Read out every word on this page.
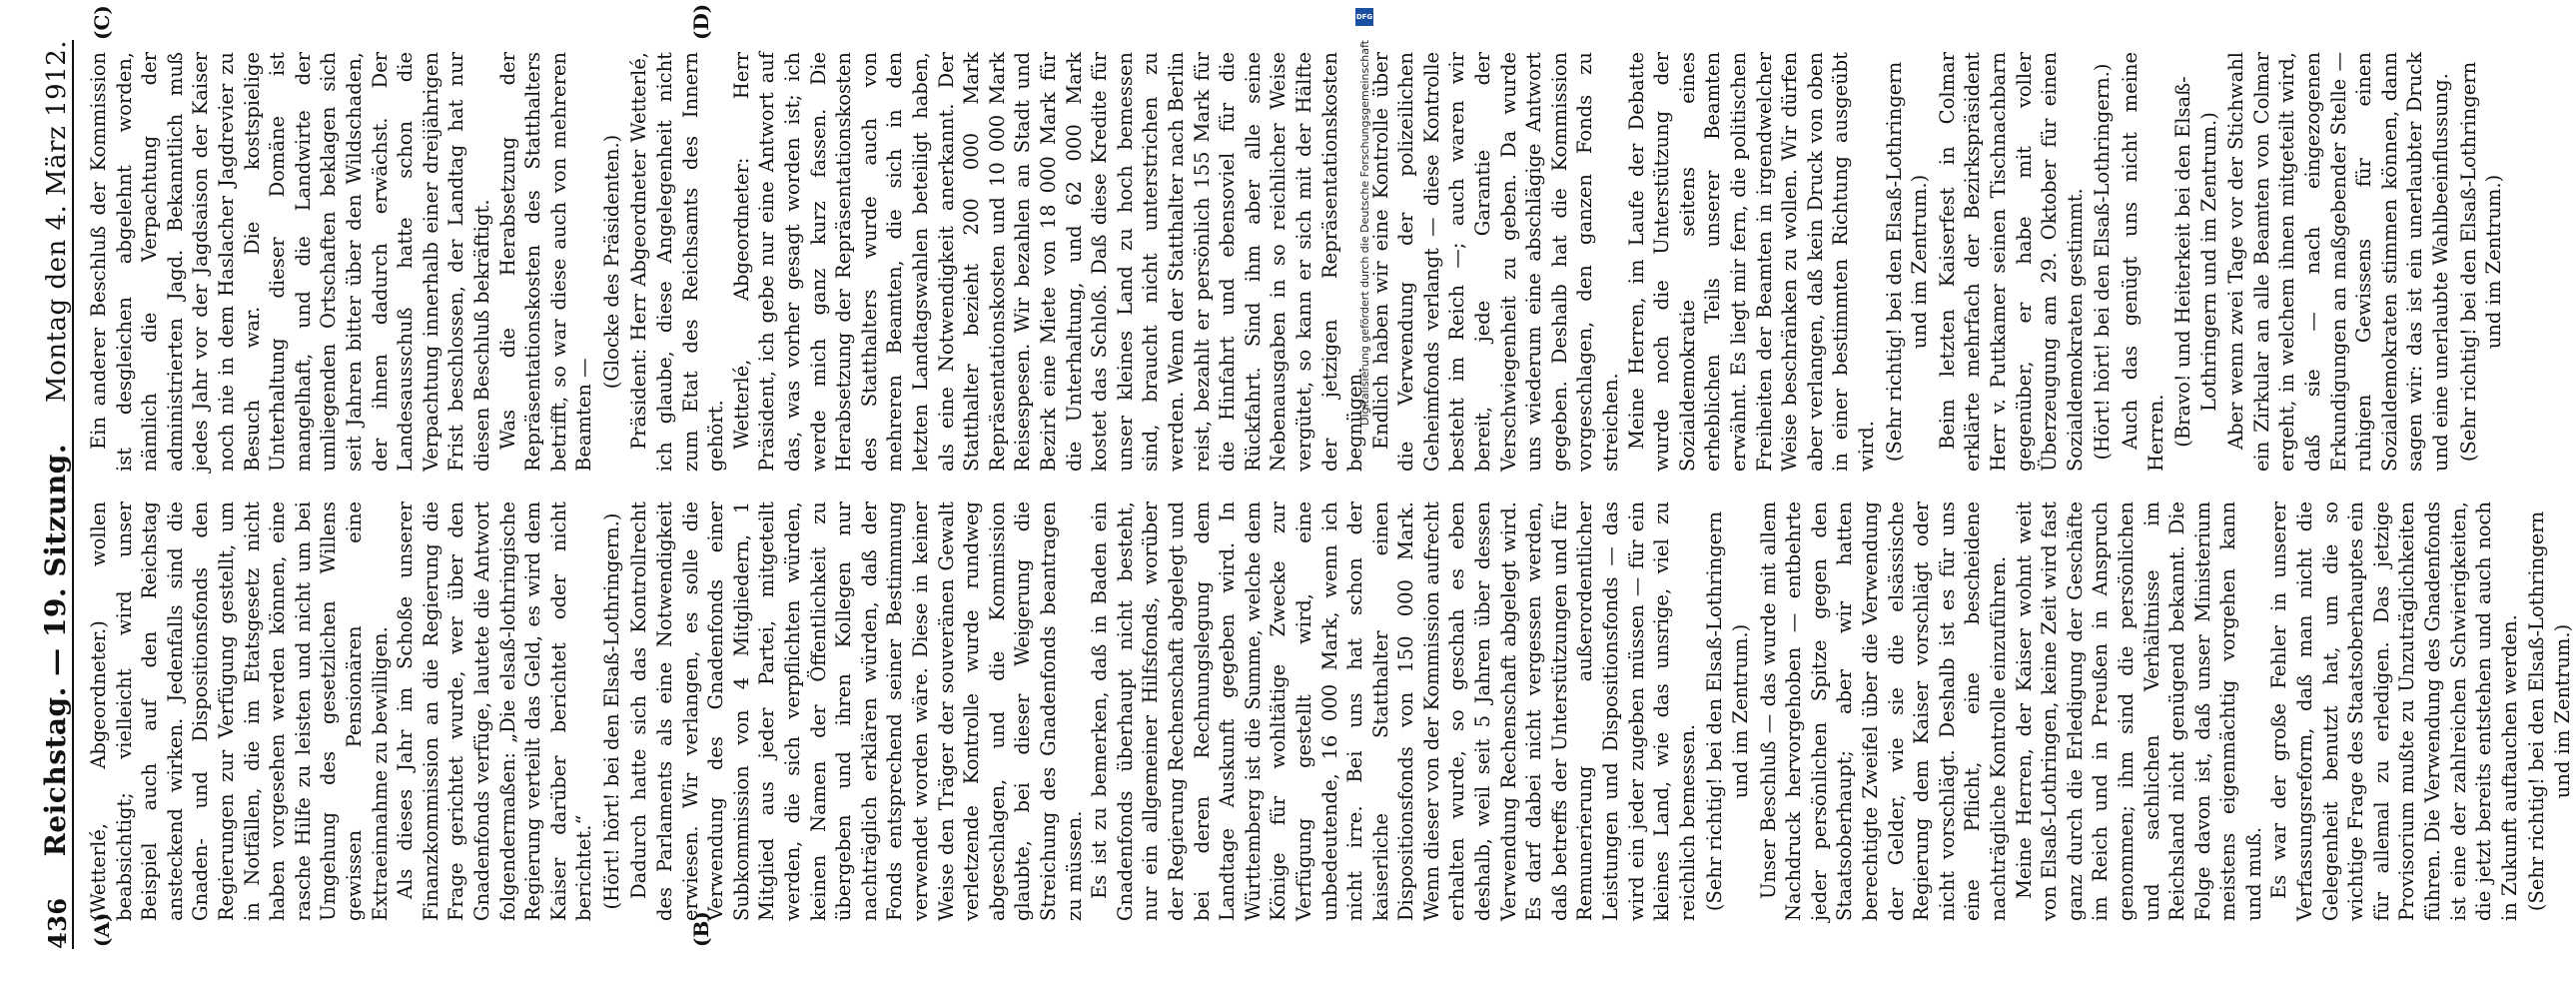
436
Reichstag. — 19. Sitzung.
Montag den 4. März 1912.
(A)	(B)
(C)	(D)

(Wetterlé, Abgeordneter.) wollen beabsichtigt; vielleicht wird unser Beispiel auch auf den Reichstag ansteckend wirken. Jedenfalls sind die Gnaden- und Dispositionsfonds den Regierungen zur Verfügung gestellt, um in Notfällen, die im Etatsgesetz nicht haben vorgesehen werden können, eine rasche Hilfe zu leisten und nicht um bei Umgehung des gesetzlichen Willens gewissen Pensionären eine Extraeinnahme zu bewilligen. Als dieses Jahr im Schoße unserer Finanzkommission an die Regierung die Frage gerichtet wurde, wer über den Gnadenfonds verfüge, lautete die Antwort folgendermaßen: „Die elsaß-lothringische Regierung verteilt das Geld, es wird dem Kaiser darüber berichtet oder nicht berichtet.“ (Hört! hört! bei den Elsaß-Lothringern.) Dadurch hatte sich das Kontrollrecht des Parlaments als eine Notwendigkeit erwiesen. Wir verlangen, es solle die Verwendung des Gnadenfonds einer Subkommission von 4 Mitgliedern, 1 Mitglied aus jeder Partei, mitgeteilt werden, die sich verpflichten würden, keinen Namen der Öffentlichkeit zu übergeben und ihren Kollegen nur nachträglich erklären würden, daß der Fonds entsprechend seiner Bestimmung verwendet worden wäre. Diese in keiner Weise den Träger der souveränen Gewalt verletzende Kontrolle wurde rundweg abgeschlagen, und die Kommission glaubte, bei dieser Weigerung die Streichung des Gnadenfonds beantragen zu müssen. Es ist zu bemerken, daß in Baden ein Gnadenfonds überhaupt nicht besteht, nur ein allgemeiner Hilfsfonds, worüber der Regierung Rechenschaft abgelegt und bei deren Rechnungslegung dem Landtage Auskunft gegeben wird. In Württemberg ist die Summe, welche dem Könige für wohltätige Zwecke zur Verfügung gestellt wird, eine unbedeutende, 16 000 Mark, wenn ich nicht irre. Bei uns hat schon der kaiserliche Statthalter einen Dispositionsfonds von 150 000 Mark. Wenn dieser von der Kommission aufrecht erhalten wurde, so geschah es eben deshalb, weil seit 5 Jahren über dessen Verwendung Rechenschaft abgelegt wird. Es darf dabei nicht vergessen werden, daß betreffs der Unterstützungen und für Remunerierung außerordentlicher Leistungen und Dispositionsfonds — das wird ein jeder zugeben müssen — für ein kleines Land, wie das unsrige, viel zu reichlich bemessen. (Sehr richtig! bei den Elsaß-Lothringern und im Zentrum.) Unser Beschluß — das wurde mit allem Nachdruck hervorgehoben — entbehrte jeder persönlichen Spitze gegen den Staatsoberhaupt; aber wir hatten berechtigte Zweifel über die Verwendung der Gelder, wie sie die elsässische Regierung dem Kaiser vorschlägt oder nicht vorschlägt. Deshalb ist es für uns eine Pflicht, eine bescheidene nachträgliche Kontrolle einzuführen. Meine Herren, der Kaiser wohnt weit von Elsaß-Lothringen, keine Zeit wird fast ganz durch die Erledigung der Geschäfte im Reich und in Preußen in Anspruch genommen; ihm sind die persönlichen und sachlichen Verhältnisse im Reichsland nicht genügend bekannt. Die Folge davon ist, daß unser Ministerium meistens eigenmächtig vorgehen kann und muß. Es war der große Fehler in unserer Verfassungsreform, daß man nicht die Gelegenheit benutzt hat, um die so wichtige Frage des Staatsoberhauptes ein für allemal zu erledigen. Das jetzige Provisorium mußte zu Unzuträglichkeiten führen. Die Verwendung des Gnadenfonds ist eine der zahlreichen Schwierigkeiten, die jetzt bereits entstehen und auch noch in Zukunft auftauchen werden. (Sehr richtig! bei den Elsaß-Lothringern und im Zentrum.)

Ein anderer Beschluß der Kommission ist desgleichen abgelehnt worden, nämlich die Verpachtung der administrierten Jagd. Bekanntlich muß jedes Jahr vor der Jagdsaison der Kaiser noch nie in dem Haslacher Jagdrevier zu Besuch war. Die kostspielige Unterhaltung dieser Domäne ist mangelhaft, und die Landwirte der umliegenden Ortschaften beklagen sich seit Jahren bitter über den Wildschaden, der ihnen dadurch erwächst. Der Landesausschuß hatte schon die Verpachtung innerhalb einer dreijährigen Frist beschlossen, der Landtag hat nur diesen Beschluß bekräftigt. Was die Herabsetzung der Repräsentationskosten des Statthalters betrifft, so war diese auch von mehreren Beamten —

(Glocke des Präsidenten.) Präsident: Herr Abgeordneter Wetterlé, ich glaube, diese Angelegenheit nicht zum Etat des Reichsamts des Innern gehört. Wetterlé, Abgeordneter: Herr Präsident, ich gebe nur eine Antwort auf das, was vorher gesagt worden ist; ich werde mich ganz kurz fassen. Die Herabsetzung der Repräsentationskosten des Statthalters wurde auch von mehreren Beamten, die sich in den letzten Landtagswahlen beteiligt haben, als eine Notwendigkeit anerkannt. Der Statthalter bezieht 200 000 Mark Repräsentationskosten und 10 000 Mark Reisespesen. Wir bezahlen an Stadt und Bezirk eine Miete von 18 000 Mark für die Unterhaltung, und 62 000 Mark kostet das Schloß. Daß diese Kredite für unser kleines Land zu hoch bemessen sind, braucht nicht unterstrichen zu werden. Wenn der Statthalter nach Berlin reist, bezahlt er persönlich 155 Mark für die Hinfahrt und ebensoviel für die Rückfahrt. Sind ihm aber alle seine Nebenausgaben in so reichlicher Weise vergütet, so kann er sich mit der Hälfte der jetzigen Repräsentationskosten begnügen. Endlich haben wir eine Kontrolle über die Verwendung der polizeilichen Geheimfonds verlangt — diese Kontrolle besteht im Reich —; auch waren wir bereit, jede Garantie der Verschwiegenheit zu geben. Da wurde uns wiederum eine abschlägige Antwort gegeben. Deshalb hat die Kommission vorgeschlagen, den ganzen Fonds zu streichen. Meine Herren, im Laufe der Debatte wurde noch die Unterstützung der Sozialdemokratie seitens eines erheblichen Teils unserer Beamten erwähnt. Es liegt mir fern, die politischen Freiheiten der Beamten in irgendwelcher Weise beschränken zu wollen. Wir dürfen aber verlangen, daß kein Druck von oben in einer bestimmten Richtung ausgeübt wird. (Sehr richtig! bei den Elsaß-Lothringern und im Zentrum.) Beim letzten Kaiserfest in Colmar erklärte mehrfach der Bezirkspräsident Herr v. Puttkamer seinen Tischnachbarn gegenüber, er habe mit voller Überzeugung am 29. Oktober für einen Sozialdemokraten gestimmt. (Hört! hört! bei den Elsaß-Lothringern.) Auch das genügt uns nicht meine Herren. (Bravo! und Heiterkeit bei den Elsaß-Lothringern und im Zentrum.) Aber wenn zwei Tage vor der Stichwahl ein Zirkular an alle Beamten von Colmar ergeht, in welchem ihnen mitgeteilt wird, daß sie — nach eingezogenen Erkundigungen an maßgebender Stelle — ruhigen Gewissens für einen Sozialdemokraten stimmen können, dann sagen wir: das ist ein unerlaubter Druck und eine unerlaubte Wahlbeeinflussung. (Sehr richtig! bei den Elsaß-Lothringern und im Zentrum.)

DFG
Digitalisierung gefördert durch die Deutsche Forschungsgemeinschaft
